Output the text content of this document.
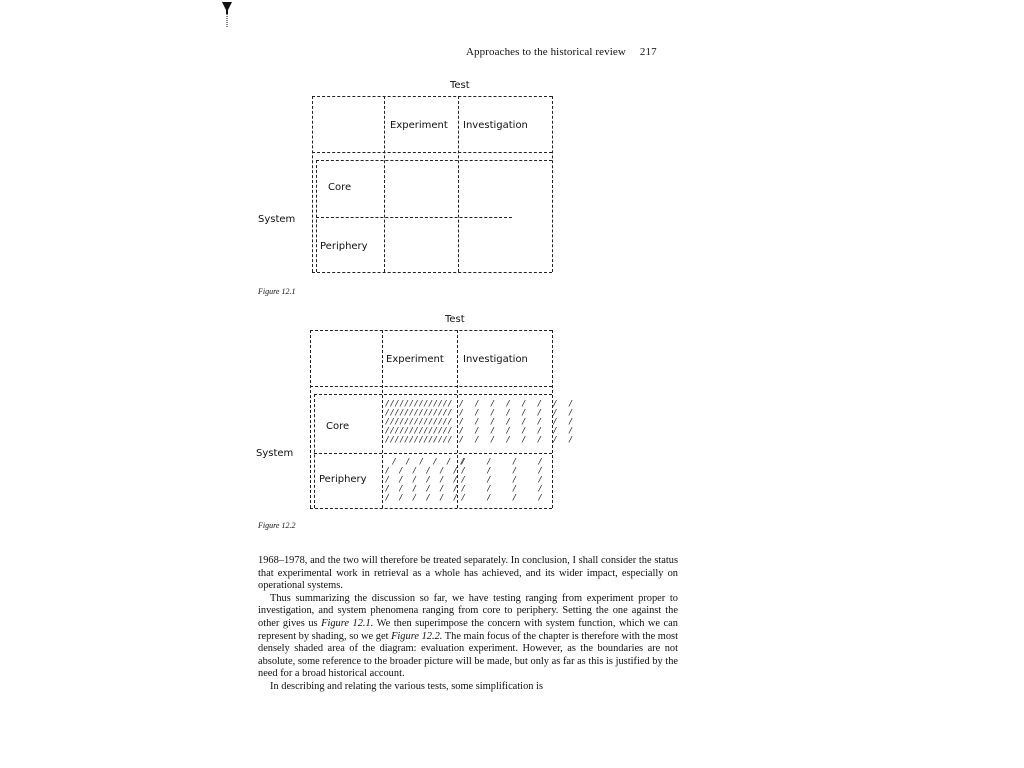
Approaches to the historical review 217
Test
System
Experiment Investigation
Core
Periphery
Figure 12.1
Test
System
Experiment Investigation
Core
Periphery
//////////////
//////////////
//////////////
//////////////
//////////////
/ / / / / / / /
/ / / / / / / /
/ / / / / / / /
/ / / / / / / /
/ / / / / / / /
/ / / / / /
/ / / / / /
/ / / / / /
/ / / / / /
/ / / / / /
/ / / /
/ / / /
/ / / /
/ / / /
/ / / /
Figure 12.2

1968–1978, and the two will therefore be treated separately. In conclusion, I shall consider the status that experimental work in retrieval as a whole has achieved, and its wider impact, especially on operational systems.

Thus summarizing the discussion so far, we have testing ranging from experiment proper to investigation, and system phenomena ranging from core to periphery. Setting the one against the other gives us Figure 12.1. We then superimpose the concern with system function, which we can represent by shading, so we get Figure 12.2. The main focus of the chapter is therefore with the most densely shaded area of the diagram: evaluation experiment. However, as the boundaries are not absolute, some reference to the broader picture will be made, but only as far as this is justified by the need for a broad historical account.

In describing and relating the various tests, some simplification is
